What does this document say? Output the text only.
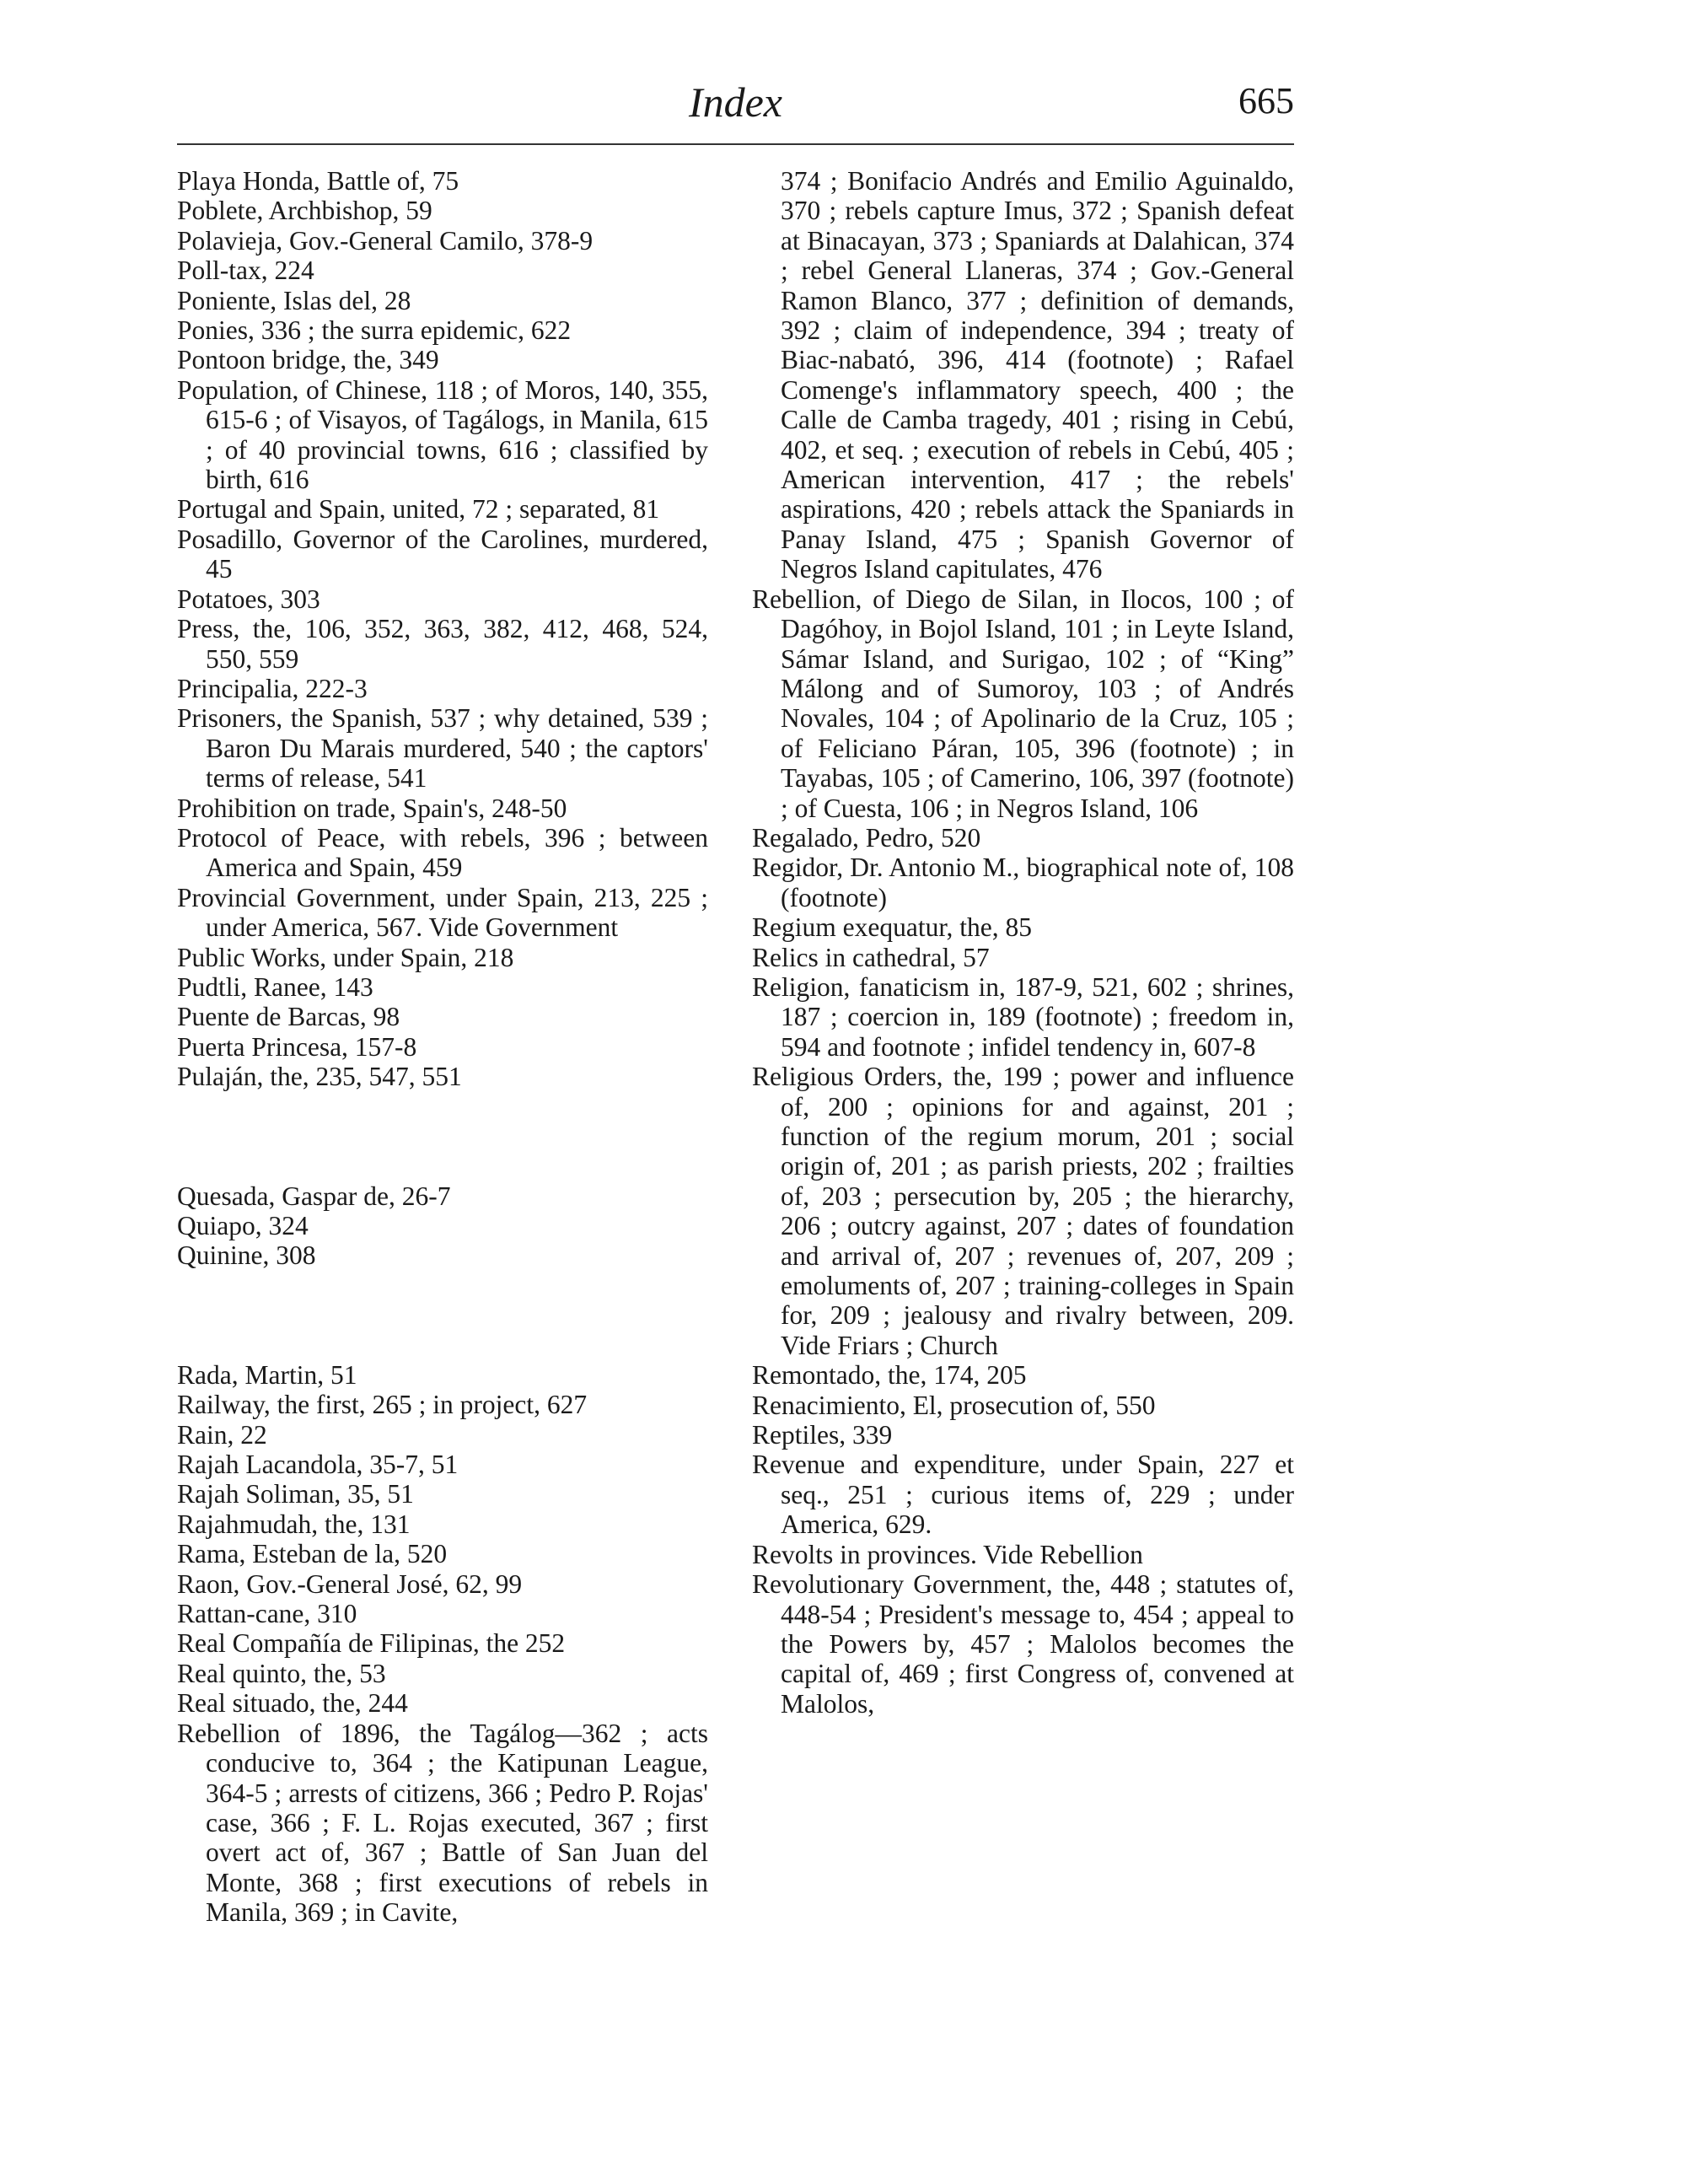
Index	665
Playa Honda, Battle of, 75
Poblete, Archbishop, 59
Polavieja, Gov.-General Camilo, 378-9
Poll-tax, 224
Poniente, Islas del, 28
Ponies, 336 ; the surra epidemic, 622
Pontoon bridge, the, 349
Population, of Chinese, 118 ; of Moros, 140, 355, 615-6 ; of Visayos, of Tagálogs, in Manila, 615 ; of 40 provincial towns, 616 ; classified by birth, 616
Portugal and Spain, united, 72 ; separated, 81
Posadillo, Governor of the Carolines, murdered, 45
Potatoes, 303
Press, the, 106, 352, 363, 382, 412, 468, 524, 550, 559
Principalia, 222-3
Prisoners, the Spanish, 537 ; why detained, 539 ; Baron Du Marais murdered, 540 ; the captors' terms of release, 541
Prohibition on trade, Spain's, 248-50
Protocol of Peace, with rebels, 396 ; between America and Spain, 459
Provincial Government, under Spain, 213, 225 ; under America, 567. Vide Government
Public Works, under Spain, 218
Pudtli, Ranee, 143
Puente de Barcas, 98
Puerta Princesa, 157-8
Pulaján, the, 235, 547, 551
Quesada, Gaspar de, 26-7
Quiapo, 324
Quinine, 308
Rada, Martin, 51
Railway, the first, 265 ; in project, 627
Rain, 22
Rajah Lacandola, 35-7, 51
Rajah Soliman, 35, 51
Rajahmudah, the, 131
Rama, Esteban de la, 520
Raon, Gov.-General José, 62, 99
Rattan-cane, 310
Real Compañía de Filipinas, the 252
Real quinto, the, 53
Real situado, the, 244
Rebellion of 1896, the Tagálog—362 ; acts conducive to, 364 ; the Katipunan League, 364-5 ; arrests of citizens, 366 ; Pedro P. Rojas' case, 366 ; F. L. Rojas executed, 367 ; first overt act of, 367 ; Battle of San Juan del Monte, 368 ; first executions of rebels in Manila, 369 ; in Cavite,
374 ; Bonifacio Andrés and Emilio Aguinaldo, 370 ; rebels capture Imus, 372 ; Spanish defeat at Binacayan, 373 ; Spaniards at Dalahican, 374 ; rebel General Llaneras, 374 ; Gov.-General Ramon Blanco, 377 ; definition of demands, 392 ; claim of independence, 394 ; treaty of Biac-nabató, 396, 414 (footnote) ; Rafael Comenge's inflammatory speech, 400 ; the Calle de Camba tragedy, 401 ; rising in Cebú, 402, et seq. ; execution of rebels in Cebú, 405 ; American intervention, 417 ; the rebels' aspirations, 420 ; rebels attack the Spaniards in Panay Island, 475 ; Spanish Governor of Negros Island capitulates, 476
Rebellion, of Diego de Silan, in Ilocos, 100 ; of Dagóhoy, in Bojol Island, 101 ; in Leyte Island, Sámar Island, and Surigao, 102 ; of “King” Málong and of Sumoroy, 103 ; of Andrés Novales, 104 ; of Apolinario de la Cruz, 105 ; of Feliciano Páran, 105, 396 (footnote) ; in Tayabas, 105 ; of Camerino, 106, 397 (footnote) ; of Cuesta, 106 ; in Negros Island, 106
Regalado, Pedro, 520
Regidor, Dr. Antonio M., biographical note of, 108 (footnote)
Regium exequatur, the, 85
Relics in cathedral, 57
Religion, fanaticism in, 187-9, 521, 602 ; shrines, 187 ; coercion in, 189 (footnote) ; freedom in, 594 and footnote ; infidel tendency in, 607-8
Religious Orders, the, 199 ; power and influence of, 200 ; opinions for and against, 201 ; function of the regium morum, 201 ; social origin of, 201 ; as parish priests, 202 ; frailties of, 203 ; persecution by, 205 ; the hierarchy, 206 ; outcry against, 207 ; dates of foundation and arrival of, 207 ; revenues of, 207, 209 ; emoluments of, 207 ; training-colleges in Spain for, 209 ; jealousy and rivalry between, 209. Vide Friars ; Church
Remontado, the, 174, 205
Renacimiento, El, prosecution of, 550
Reptiles, 339
Revenue and expenditure, under Spain, 227 et seq., 251 ; curious items of, 229 ; under America, 629.
Revolts in provinces. Vide Rebellion
Revolutionary Government, the, 448 ; statutes of, 448-54 ; President's message to, 454 ; appeal to the Powers by, 457 ; Malolos becomes the capital of, 469 ; first Congress of, convened at Malolos,
